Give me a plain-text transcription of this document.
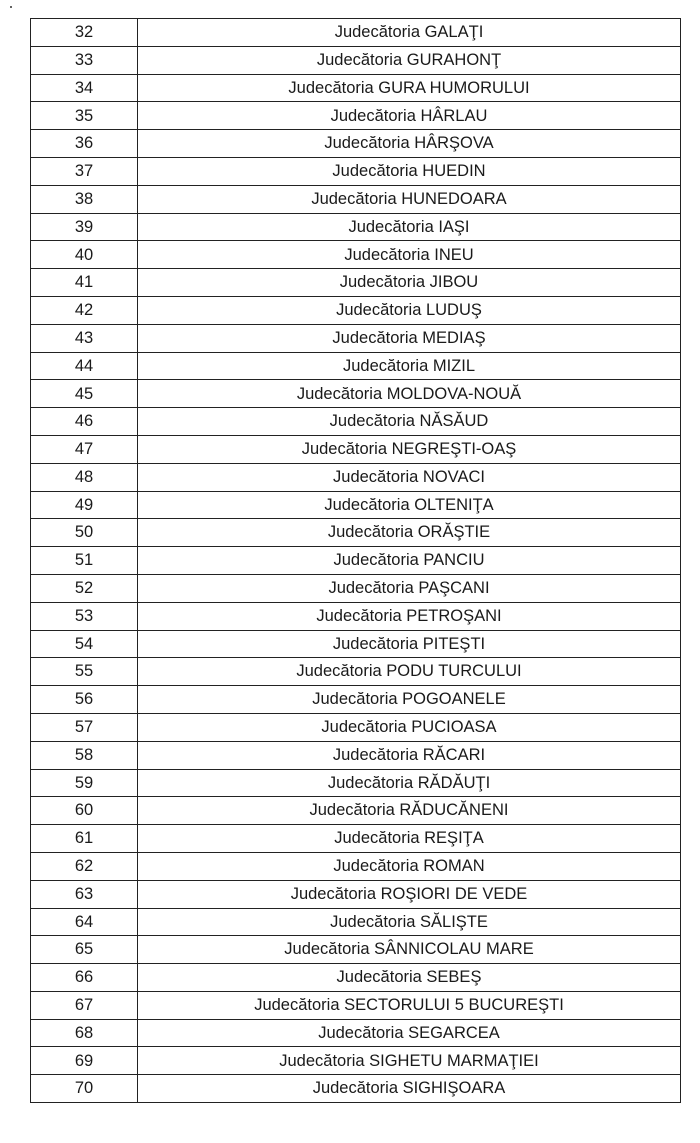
32	Judecătoria GALAŢI
33	Judecătoria GURAHONŢ
34	Judecătoria GURA HUMORULUI
35	Judecătoria HÂRLAU
36	Judecătoria HÂRŞOVA
37	Judecătoria HUEDIN
38	Judecătoria HUNEDOARA
39	Judecătoria IAŞI
40	Judecătoria INEU
41	Judecătoria JIBOU
42	Judecătoria LUDUŞ
43	Judecătoria MEDIAŞ
44	Judecătoria MIZIL
45	Judecătoria MOLDOVA-NOUĂ
46	Judecătoria NĂSĂUD
47	Judecătoria NEGREŞTI-OAŞ
48	Judecătoria NOVACI
49	Judecătoria OLTENIŢA
50	Judecătoria ORĂŞTIE
51	Judecătoria PANCIU
52	Judecătoria PAŞCANI
53	Judecătoria PETROŞANI
54	Judecătoria PITEŞTI
55	Judecătoria PODU TURCULUI
56	Judecătoria POGOANELE
57	Judecătoria PUCIOASA
58	Judecătoria RĂCARI
59	Judecătoria RĂDĂUŢI
60	Judecătoria RĂDUCĂNENI
61	Judecătoria REŞIŢA
62	Judecătoria ROMAN
63	Judecătoria ROŞIORI DE VEDE
64	Judecătoria SĂLIŞTE
65	Judecătoria SÂNNICOLAU MARE
66	Judecătoria SEBEŞ
67	Judecătoria SECTORULUI 5 BUCUREŞTI
68	Judecătoria SEGARCEA
69	Judecătoria SIGHETU MARMAŢIEI
70	Judecătoria SIGHIŞOARA
